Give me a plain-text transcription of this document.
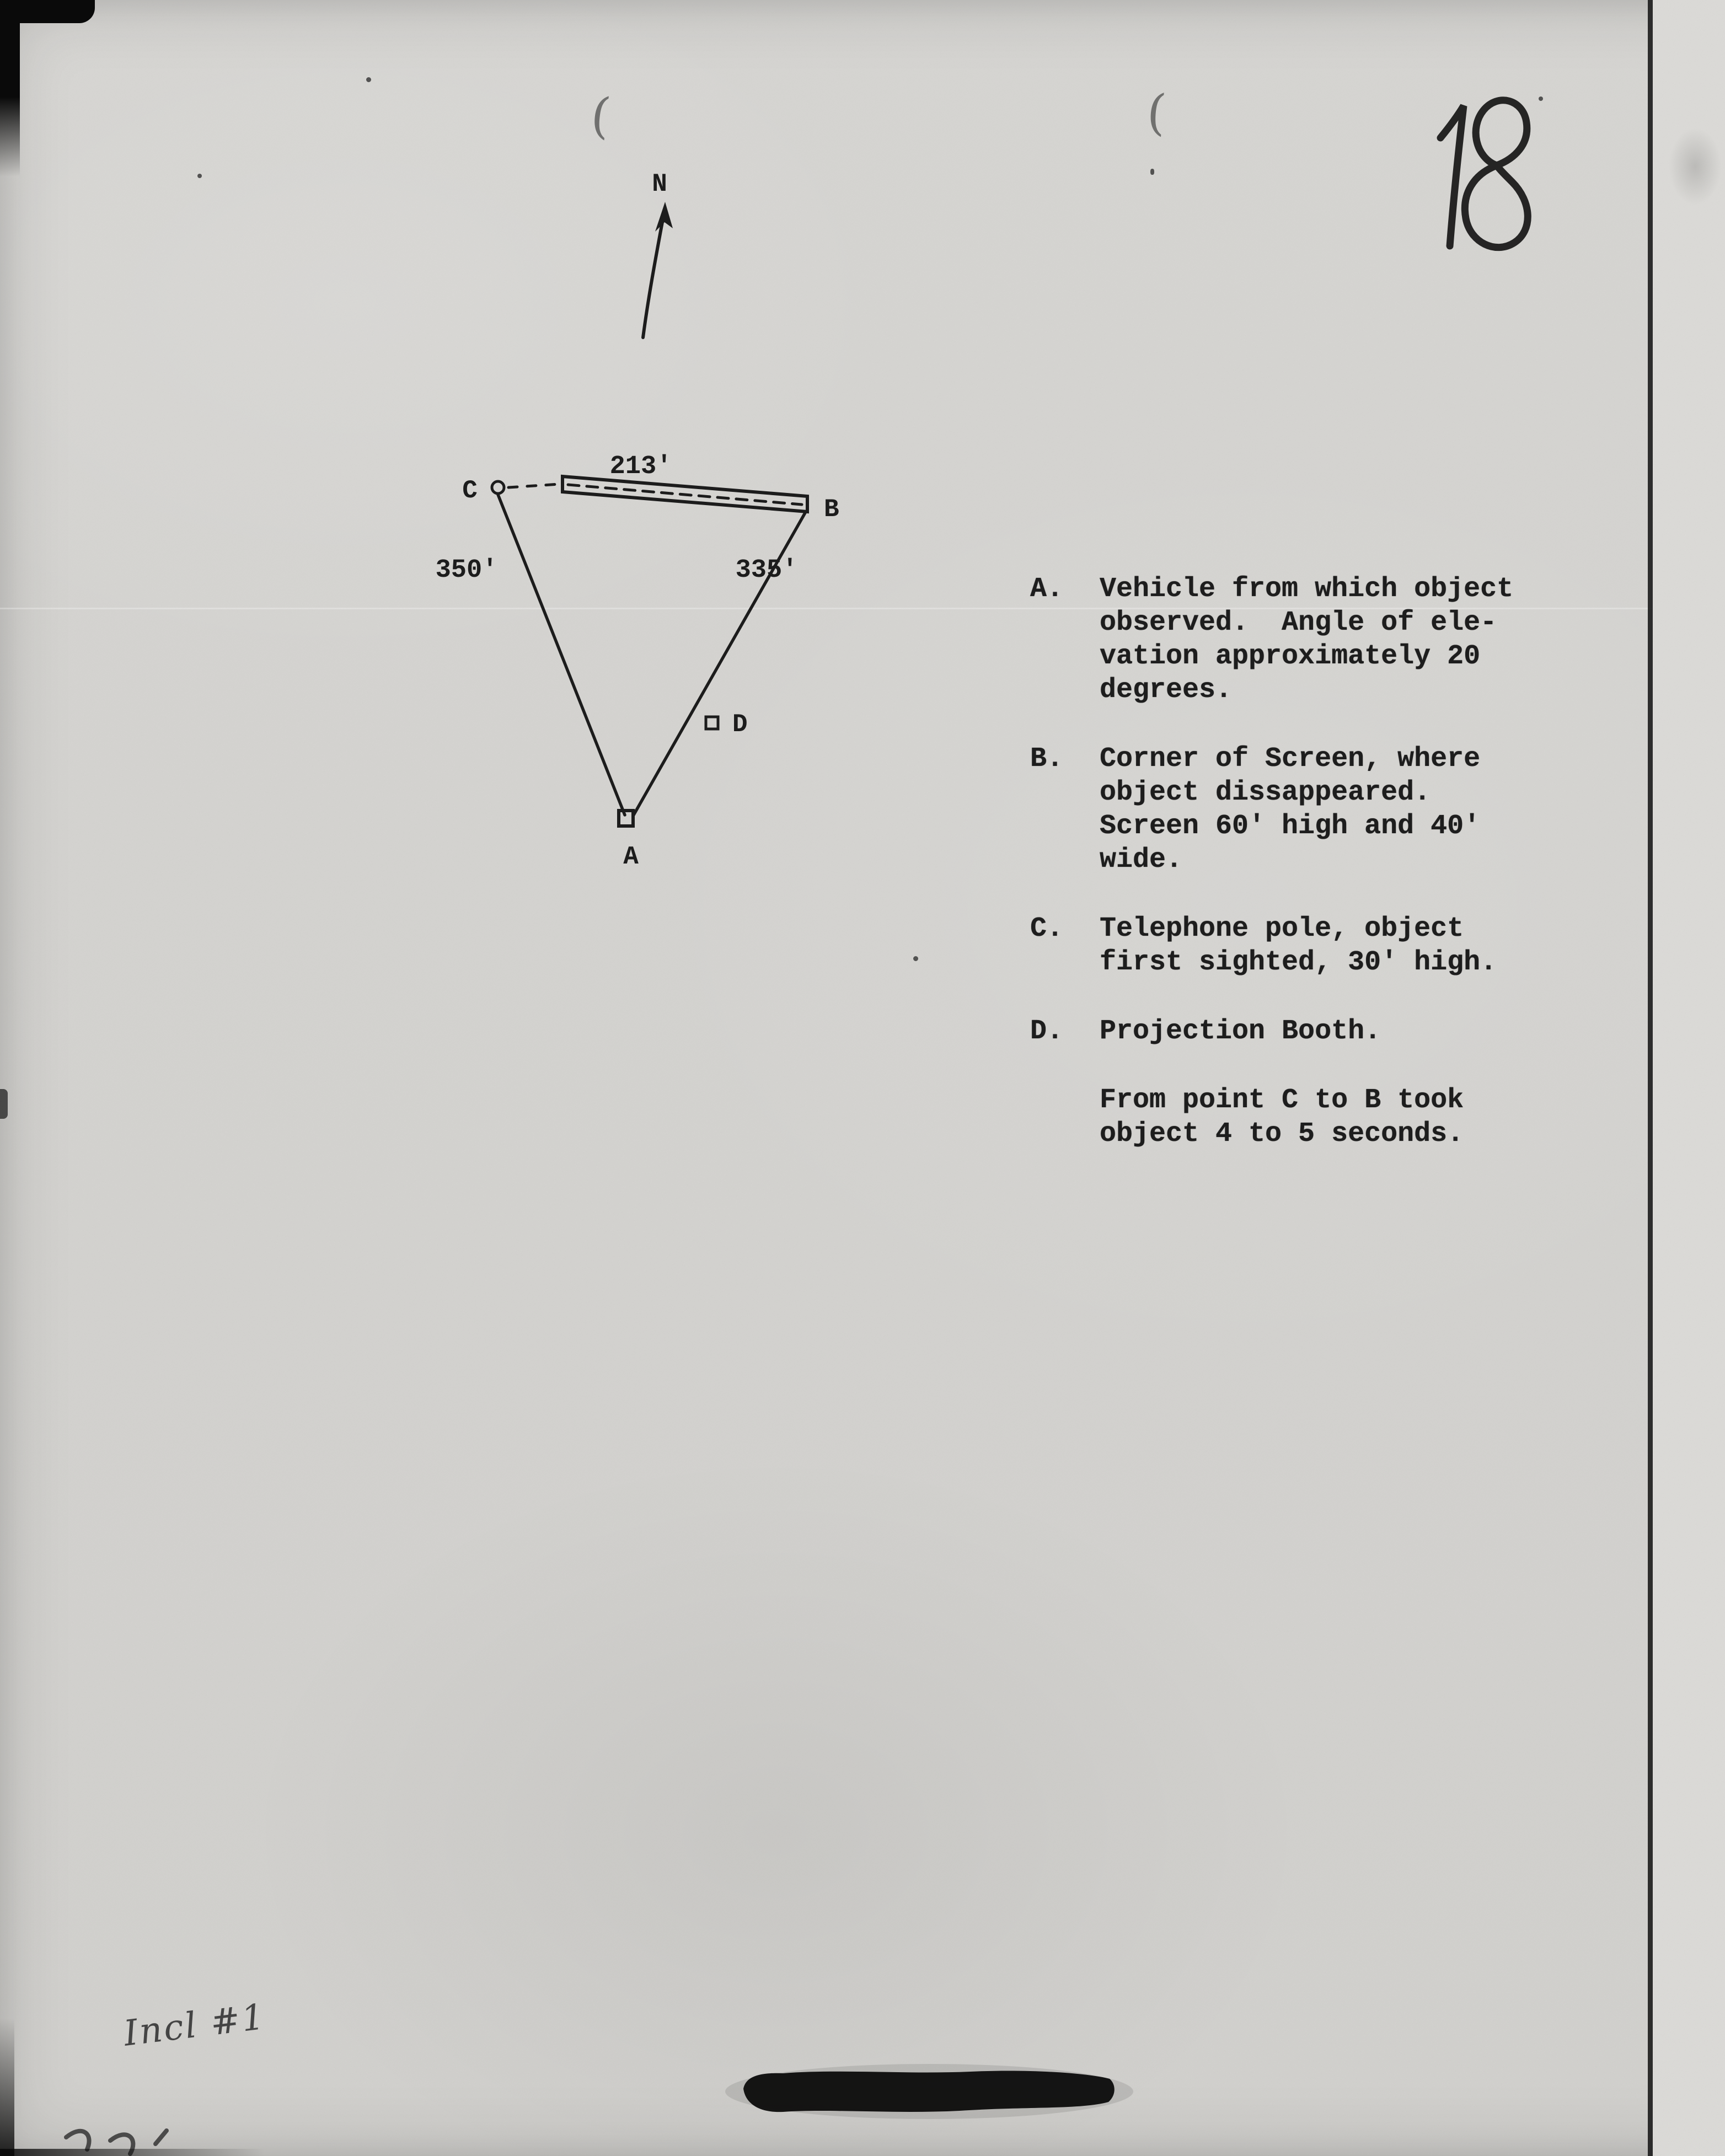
N
C
213'
B
350'	335'
D
A
A.	Vehicle from which object
observed.  Angle of ele-
vation approximately 20
degrees.
B.	Corner of Screen, where
object dissappeared.
Screen 60' high and 40'
wide.
C.	Telephone pole, object
first sighted, 30' high.
D.	Projection Booth.
From point C to B took
object 4 to 5 seconds.
(	(
Incl #1
